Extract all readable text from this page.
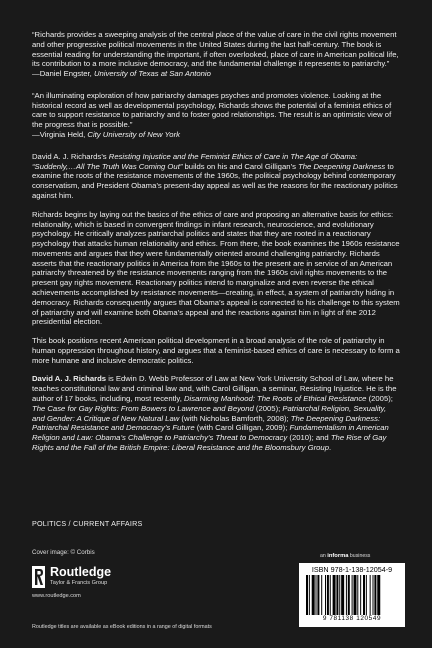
“Richards provides a sweeping analysis of the central place of the value of care in the civil rights movement and other progressive political movements in the United States during the last half-century. The book is essential reading for understanding the important, if often overlooked, place of care in American political life, its contribution to a more inclusive democracy, and the fundamental challenge it represents to patriarchy.”
—Daniel Engster, University of Texas at San Antonio

“An illuminating exploration of how patriarchy damages psyches and promotes violence. Looking at the historical record as well as developmental psychology, Richards shows the potential of a feminist ethics of care to support resistance to patriarchy and to foster good relationships. The result is an optimistic view of the progress that is possible.”
—Virginia Held, City University of New York

David A. J. Richards’s Resisting Injustice and the Feminist Ethics of Care in The Age of Obama: “Suddenly,…All The Truth Was Coming Out” builds on his and Carol Gilligan’s The Deepening Darkness to examine the roots of the resistance movements of the 1960s, the political psychology behind contemporary conservatism, and President Obama’s present-day appeal as well as the reasons for the reactionary politics against him.

Richards begins by laying out the basics of the ethics of care and proposing an alternative basis for ethics: relationality, which is based in convergent findings in infant research, neuroscience, and evolutionary psychology. He critically analyzes patriarchal politics and states that they are rooted in a reactionary psychology that attacks human relationality and ethics. From there, the book examines the 1960s resistance movements and argues that they were fundamentally oriented around challenging patriarchy. Richards asserts that the reactionary politics in America from the 1960s to the present are in service of an American patriarchy threatened by the resistance movements ranging from the 1960s civil rights movements to the present gay rights movement. Reactionary politics intend to marginalize and even reverse the ethical achievements accomplished by resistance movements—creating, in effect, a system of patriarchy hiding in democracy. Richards consequently argues that Obama’s appeal is connected to his challenge to this system of patriarchy and will examine both Obama’s appeal and the reactions against him in light of the 2012 presidential election.

This book positions recent American political development in a broad analysis of the role of patriarchy in human oppression throughout history, and argues that a feminist-based ethics of care is necessary to form a more humane and inclusive democratic politics.

David A. J. Richards is Edwin D. Webb Professor of Law at New York University School of Law, where he teaches constitutional law and criminal law and, with Carol Gilligan, a seminar, Resisting Injustice. He is the author of 17 books, including, most recently, Disarming Manhood: The Roots of Ethical Resistance (2005); The Case for Gay Rights: From Bowers to Lawrence and Beyond (2005); Patriarchal Religion, Sexuality, and Gender: A Critique of New Natural Law (with Nicholas Bamforth, 2008); The Deepening Darkness: Patriarchal Resistance and Democracy’s Future (with Carol Gilligan, 2009); Fundamentalism in American Religion and Law: Obama’s Challenge to Patriarchy’s Threat to Democracy (2010); and The Rise of Gay Rights and the Fall of the British Empire: Liberal Resistance and the Bloomsbury Group.

POLITICS / CURRENT AFFAIRS
Cover image: © Corbis
Routledge
Taylor & Francis Group
www.routledge.com
an informa business
ISBN 978-1-138-12054-9
9 781138 120549
Routledge titles are available as eBook editions in a range of digital formats
